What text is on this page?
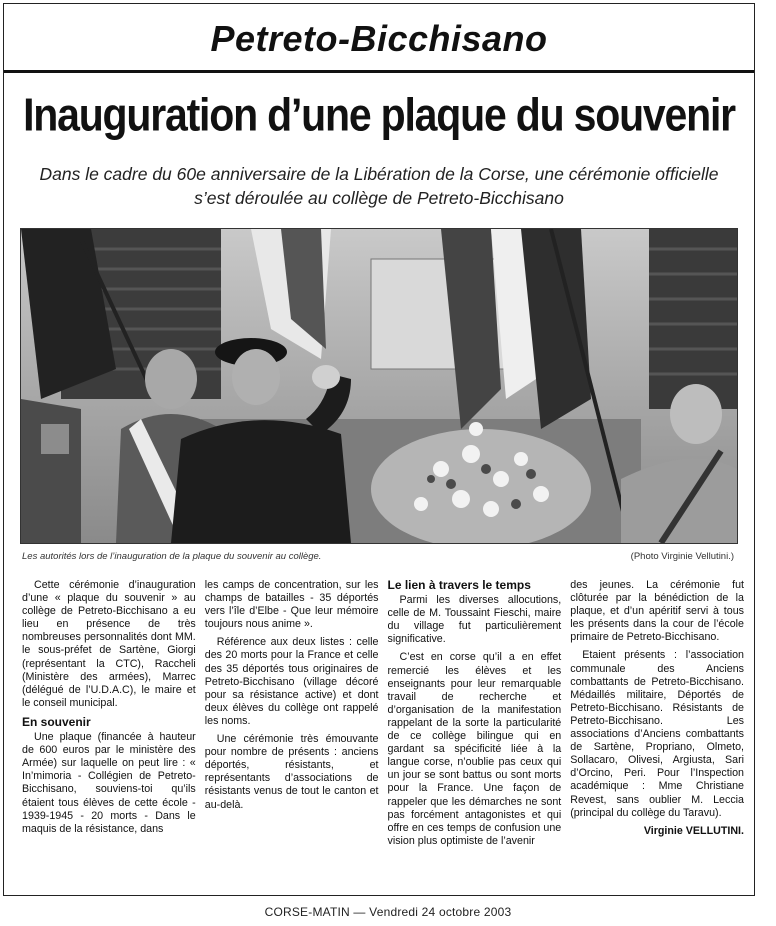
Petreto-Bicchisano
Inauguration d’une plaque du souvenir
Dans le cadre du 60e anniversaire de la Libération de la Corse, une cérémonie officielle
s’est déroulée au collège de Petreto-Bicchisano
Les autorités lors de l’inauguration de la plaque du souvenir au collège.	(Photo Virginie Vellutini.)

Cette cérémonie d’inauguration d’une « plaque du souvenir » au collège de Petreto-Bicchisano a eu lieu en présence de très nombreuses personnalités dont MM. le sous-préfet de Sartène, Giorgi (représentant la CTC), Raccheli (Ministère des armées), Marrec (délégué de l’U.D.A.C), le maire et le conseil municipal.

En souvenir

Une plaque (financée à hauteur de 600 euros par le ministère des Armée) sur laquelle on peut lire : « In’mimoria - Collégien de Petreto-Bicchisano, souviens-toi qu’ils étaient tous élèves de cette école - 1939-1945 - 20 morts - Dans le maquis de la résistance, dans

les camps de concentration, sur les champs de batailles - 35 déportés vers l’île d’Elbe - Que leur mémoire toujours nous anime ».

Référence aux deux listes : celle des 20 morts pour la France et celle des 35 déportés tous originaires de Petreto-Bicchisano (village décoré pour sa résistance active) et dont deux élèves du collège ont rappelé les noms.

Une cérémonie très émouvante pour nombre de présents : anciens déportés, résistants, et représentants d’associations de résistants venus de tout le canton et au-delà.

Le lien à travers le temps

Parmi les diverses allocutions, celle de M. Toussaint Fieschi, maire du village fut particulièrement significative.

C’est en corse qu’il a en effet remercié les élèves et les enseignants pour leur remarquable travail de recherche et d’organisation de la manifestation rappelant de la sorte la particularité de ce collège bilingue qui en gardant sa spécificité liée à la langue corse, n’oublie pas ceux qui un jour se sont battus ou sont morts pour la France. Une façon de rappeler que les démarches ne sont pas forcément antagonistes et qui offre en ces temps de confusion une vision plus optimiste de l’avenir

des jeunes. La cérémonie fut clôturée par la bénédiction de la plaque, et d’un apéritif servi à tous les présents dans la cour de l’école primaire de Petreto-Bicchisano.

Etaient présents : l’association communale des Anciens combattants de Petreto-Bicchisano. Médaillés militaire, Déportés de Petreto-Bicchisano. Résistants de Petreto-Bicchisano. Les associations d’Anciens combattants de Sartène, Propriano, Olmeto, Sollacaro, Olivesi, Argiusta, Sari d’Orcino, Peri. Pour l’Inspection académique : Mme Christiane Revest, sans oublier M. Leccia (principal du collège du Taravu).

Virginie VELLUTINI.

CORSE-MATIN — Vendredi 24 octobre 2003
